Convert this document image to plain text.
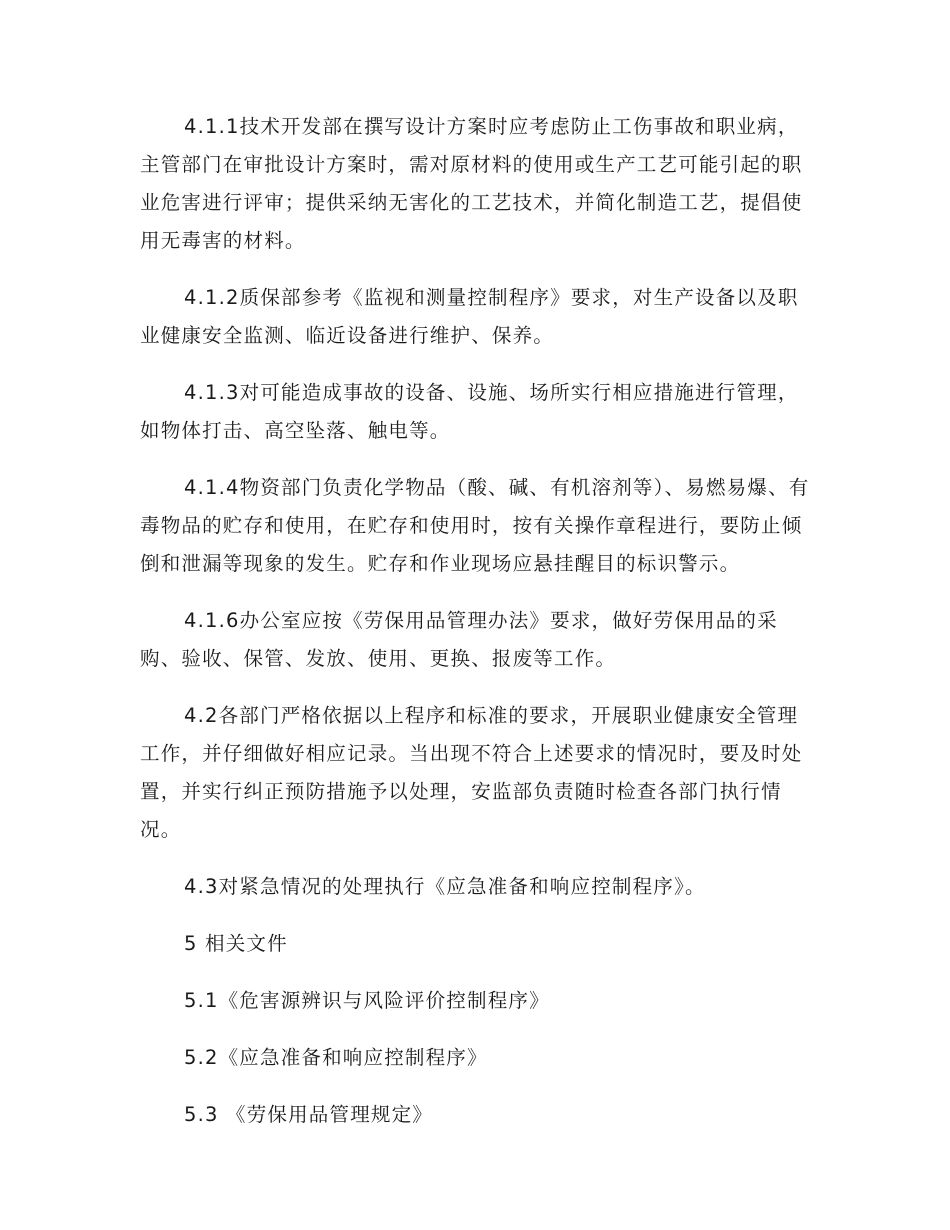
4.1.1技术开发部在撰写设计方案时应考虑防止工伤事故和职业病，主管部门在审批设计方案时，需对原材料的使用或生产工艺可能引起的职业危害进行评审；提供采纳无害化的工艺技术，并简化制造工艺，提倡使用无毒害的材料。

4.1.2质保部参考《监视和测量控制程序》要求，对生产设备以及职业健康安全监测、临近设备进行维护、保养。

4.1.3对可能造成事故的设备、设施、场所实行相应措施进行管理，如物体打击、高空坠落、触电等。

4.1.4物资部门负责化学物品（酸、碱、有机溶剂等）、易燃易爆、有毒物品的贮存和使用，在贮存和使用时，按有关操作章程进行，要防止倾倒和泄漏等现象的发生。贮存和作业现场应悬挂醒目的标识警示。

4.1.6办公室应按《劳保用品管理办法》要求，做好劳保用品的采购、验收、保管、发放、使用、更换、报废等工作。

4.2各部门严格依据以上程序和标准的要求，开展职业健康安全管理工作，并仔细做好相应记录。当出现不符合上述要求的情况时，要及时处置，并实行纠正预防措施予以处理，安监部负责随时检查各部门执行情况。

4.3对紧急情况的处理执行《应急准备和响应控制程序》。

5 相关文件

5.1《危害源辨识与风险评价控制程序》

5.2《应急准备和响应控制程序》

5.3 《劳保用品管理规定》
